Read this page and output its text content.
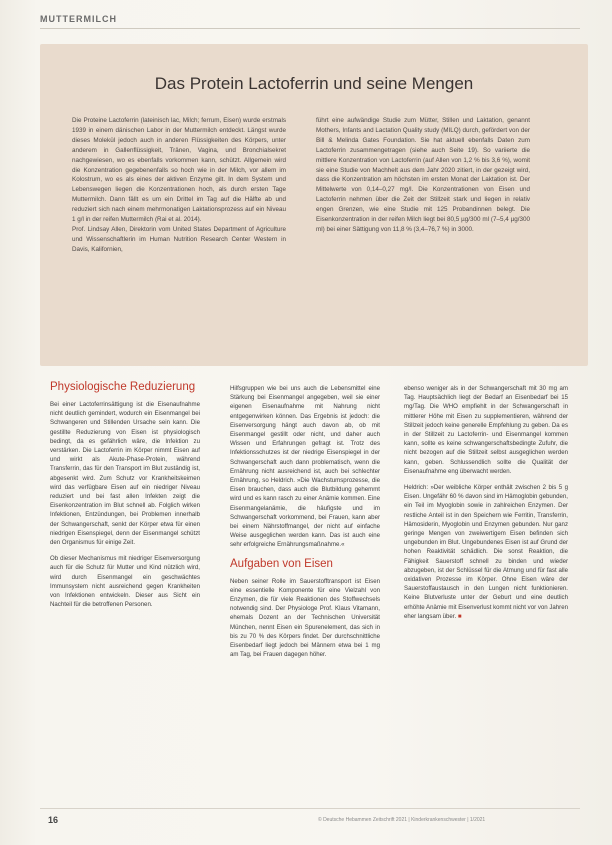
MUTTERMILCH
Das Protein Lactoferrin und seine Mengen

Die Proteine Lactoferrin (lateinisch lac, Milch; ferrum, Eisen) wurde erstmals 1939 in einem dänischen Labor in der Muttermilch entdeckt. Längst wurde dieses Molekül jedoch auch in anderen Flüssigkeiten des Körpers, unter anderem in Gallenflüssigkeit, Tränen, Vagina, und Bronchialsekret nachgewiesen, wo es ebenfalls vorkommen kann, schützt. Allgemein wird die Konzentration gegebenenfalls so hoch wie in der Milch, vor allem im Kolostrum, wo es als eines der aktiven Enzyme gilt. In dem System und Lebenswegen liegen die Konzentrationen hoch, als durch ersten Tage Muttermilch. Dann fällt es um ein Drittel im Tag auf die Hälfte ab und reduziert sich nach einem mehrmonatigen Laktationsprozess auf ein Niveau 1 g/l in der reifen Muttermilch (Rai et al. 2014).

Prof. Lindsay Allen, Direktorin vom United States Department of Agriculture und Wissenschaftlerin im Human Nutrition Research Center Western in Davis, Kalifornien,

führt eine aufwändige Studie zum Mütter, Stillen und Laktation, genannt Mothers, Infants and Lactation Quality study (MILQ) durch, gefördert von der Bill & Melinda Gates Foundation. Sie hat aktuell ebenfalls Daten zum Lactoferrin zusammengetragen (siehe auch Seite 19). So variierte die mittlere Konzentration von Lactoferrin (auf Allen von 1,2 % bis 3,6 %), womit sie eine Studie von Machhelt aus dem Jahr 2020 zitiert, in der gezeigt wird, dass die Konzentration am höchsten im ersten Monat der Laktation ist. Der Mittelwerte von 0,14–0,27 mg/l. Die Konzentrationen von Eisen und Lactoferrin nehmen über die Zeit der Stillzeit stark und liegen in relativ engen Grenzen, wie eine Studie mit 125 Probandinnen belegt. Die Eisenkonzentration in der reifen Milch liegt bei 80,5 µg/300 ml (7–5,4 µg/300 ml) bei einer Sättigung von 11,8 % (3,4–76,7 %) in 3000.

Physiologische Reduzierung

Bei einer Lactoferrinsättigung ist die Eisenaufnahme nicht deutlich gemindert, wodurch ein Eisenmangel bei Schwangeren und Stillenden Ursache sein kann. Die gestillte Reduzierung von Eisen ist physiologisch bedingt, da es gefährlich wäre, die Infektion zu verstärken. Die Lactoferrin im Körper nimmt Eisen auf und wirkt als Akute-Phase-Protein, während Transferrin, das für den Transport im Blut zuständig ist, abgesenkt wird. Zum Schutz vor Krankheitskeimen wird das verfügbare Eisen auf ein niedriger Niveau reduziert und bei fast allen Infekten zeigt die Eisenkonzentration im Blut schnell ab. Folglich wirken Infektionen, Entzündungen, bei Problemen innerhalb der Schwangerschaft, senkt der Körper etwa für einen niedrigen Eisenspiegel, denn der Eisenmangel schützt den Organismus für einige Zeit.

Ob dieser Mechanismus mit niedriger Eisenversorgung auch für die Schutz für Mutter und Kind nützlich wird, wird durch Eisenmangel ein geschwächtes Immunsystem nicht ausreichend gegen Krankheiten von Infektionen entwickeln. Dieser aus Sicht ein Nachteil für die betroffenen Personen.

Hilfsgruppen wie bei uns auch die Lebensmittel eine Stärkung bei Eisenmangel angegeben, weil sie einer eigenen Eisenaufnahme mit Nahrung nicht entgegenwirken können. Das Ergebnis ist jedoch: die Eisenversorgung hängt auch davon ab, ob mit Eisenmangel gestillt oder nicht, und daher auch Wissen und Erfahrungen gefragt ist. Trotz des Infektionsschutzes ist der niedrige Eisenspiegel in der Schwangerschaft auch dann problematisch, wenn die Ernährung nicht ausreichend ist, auch bei schlechter Ernährung, so Heldrich. »Die Wachstumsprozesse, die Eisen brauchen, dass auch die Blutbildung gehemmt wird und es kann rasch zu einer Anämie kommen. Eine Eisenmangelanämie, die häufigste und im Schwangerschaft vorkommend, bei Frauen, kann aber bei einem Nährstoffmangel, der nicht auf einfache Weise ausgeglichen werden kann. Das ist auch eine sehr erfolgreiche Ernährungsmaßnahme.«

Aufgaben von Eisen

Neben seiner Rolle im Sauerstofftransport ist Eisen eine essentielle Komponente für eine Vielzahl von Enzymen, die für viele Reaktionen des Stoffwechsels notwendig sind. Der Physiologe Prof. Klaus Vitamann, ehemals Dozent an der Technischen Universität München, nennt Eisen ein Spurenelement, das sich in bis zu 70 % des Körpers findet. Der durchschnittliche Eisenbedarf liegt jedoch bei Männern etwa bei 1 mg am Tag, bei Frauen dagegen höher.

ebenso weniger als in der Schwangerschaft mit 30 mg am Tag. Hauptsächlich liegt der Bedarf an Eisenbedarf bei 15 mg/Tag. Die WHO empfiehlt in der Schwangerschaft in mittlerer Höhe mit Eisen zu supplementieren, während der Stillzeit jedoch keine generelle Empfehlung zu geben. Da es in der Stillzeit zu Lactoferrin- und Eisenmangel kommen kann, sollte es keine schwangerschaftsbedingte Zufuhr, die nicht bezogen auf die Stillzeit selbst ausgeglichen werden kann, geben. Schlussendlich sollte die Qualität der Eisenaufnahme eng überwacht werden.

Heldrich: »Der weibliche Körper enthält zwischen 2 bis 5 g Eisen. Ungefähr 60 % davon sind im Hämoglobin gebunden, ein Teil im Myoglobin sowie in zahlreichen Enzymen. Der restliche Anteil ist in den Speichern wie Ferritin, Transferrin, Hämosiderin, Myoglobin und Enzymen gebunden. Nur ganz geringe Mengen von zweiwertigem Eisen befinden sich ungebunden im Blut. Ungebundenes Eisen ist auf Grund der hohen Reaktivität schädlich. Die sonst Reaktion, die Fähigkeit Sauerstoff schnell zu binden und wieder abzugeben, ist der Schlüssel für die Atmung und für fast alle oxidativen Prozesse im Körper. Ohne Eisen wäre der Sauerstoffaustausch in den Lungen nicht funktionieren. Keine Blutverluste unter der Geburt und eine deutlich erhöhte Anämie mit Eisenverlust kommt nicht vor von Jahren eher langsam über. ■

16	© Deutsche Hebammen Zeitschrift 2021 | Kinderkrankenschwester | 1/2021
